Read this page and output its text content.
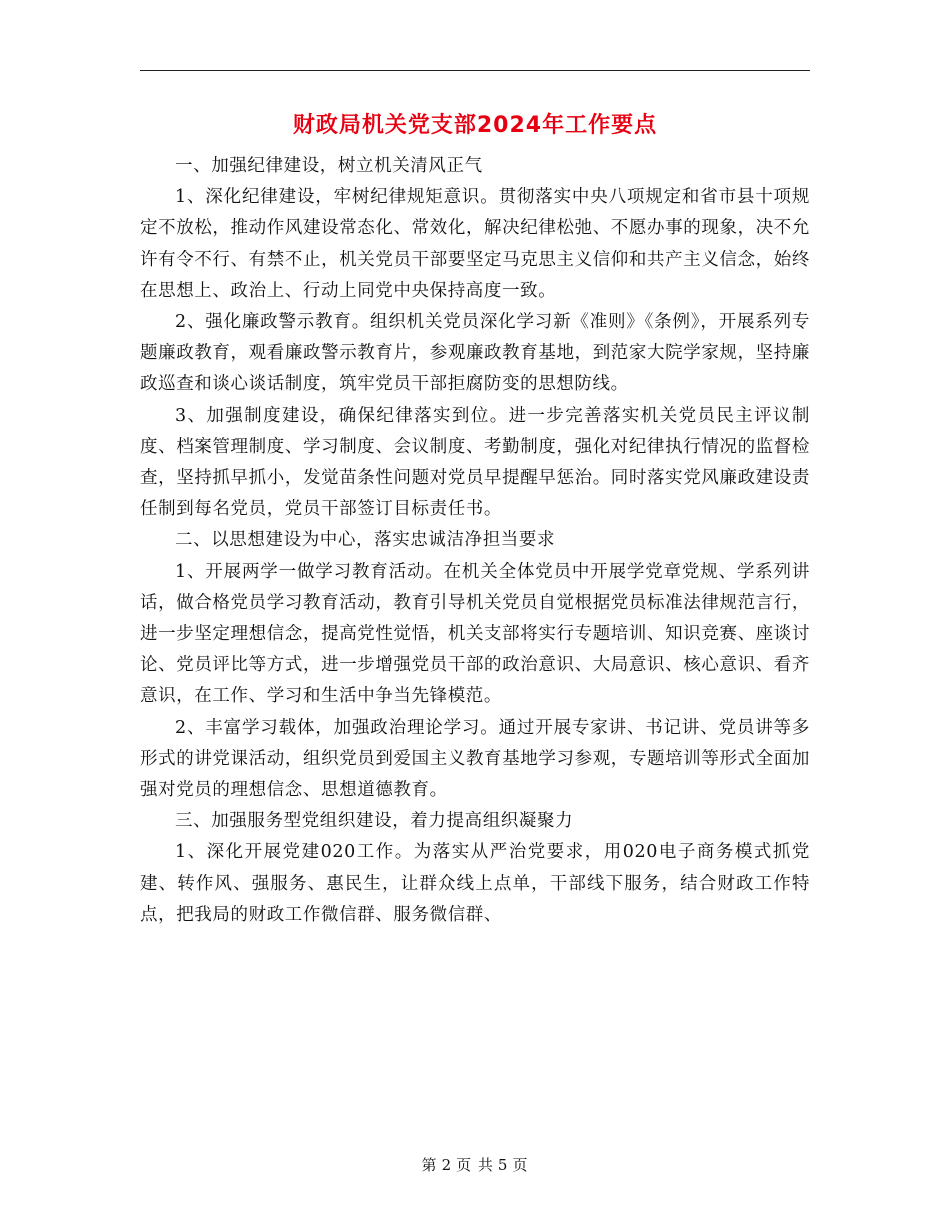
财政局机关党支部2024年工作要点

一、加强纪律建设，树立机关清风正气

1、深化纪律建设，牢树纪律规矩意识。贯彻落实中央八项规定和省市县十项规定不放松，推动作风建设常态化、常效化，解决纪律松弛、不愿办事的现象，决不允许有令不行、有禁不止，机关党员干部要坚定马克思主义信仰和共产主义信念，始终在思想上、政治上、行动上同党中央保持高度一致。

2、强化廉政警示教育。组织机关党员深化学习新《准则》《条例》，开展系列专题廉政教育，观看廉政警示教育片，参观廉政教育基地，到范家大院学家规，坚持廉政巡查和谈心谈话制度，筑牢党员干部拒腐防变的思想防线。

3、加强制度建设，确保纪律落实到位。进一步完善落实机关党员民主评议制度、档案管理制度、学习制度、会议制度、考勤制度，强化对纪律执行情况的监督检查，坚持抓早抓小，发觉苗条性问题对党员早提醒早惩治。同时落实党风廉政建设责任制到每名党员，党员干部签订目标责任书。

二、以思想建设为中心，落实忠诚洁净担当要求

1、开展两学一做学习教育活动。在机关全体党员中开展学党章党规、学系列讲话，做合格党员学习教育活动，教育引导机关党员自觉根据党员标准法律规范言行，进一步坚定理想信念，提高党性觉悟，机关支部将实行专题培训、知识竞赛、座谈讨论、党员评比等方式，进一步增强党员干部的政治意识、大局意识、核心意识、看齐意识，在工作、学习和生活中争当先锋模范。

2、丰富学习载体，加强政治理论学习。通过开展专家讲、书记讲、党员讲等多形式的讲党课活动，组织党员到爱国主义教育基地学习参观，专题培训等形式全面加强对党员的理想信念、思想道德教育。

三、加强服务型党组织建设，着力提高组织凝聚力

1、深化开展党建020工作。为落实从严治党要求，用020电子商务模式抓党建、转作风、强服务、惠民生，让群众线上点单，干部线下服务，结合财政工作特点，把我局的财政工作微信群、服务微信群、

第 2 页 共 5 页
